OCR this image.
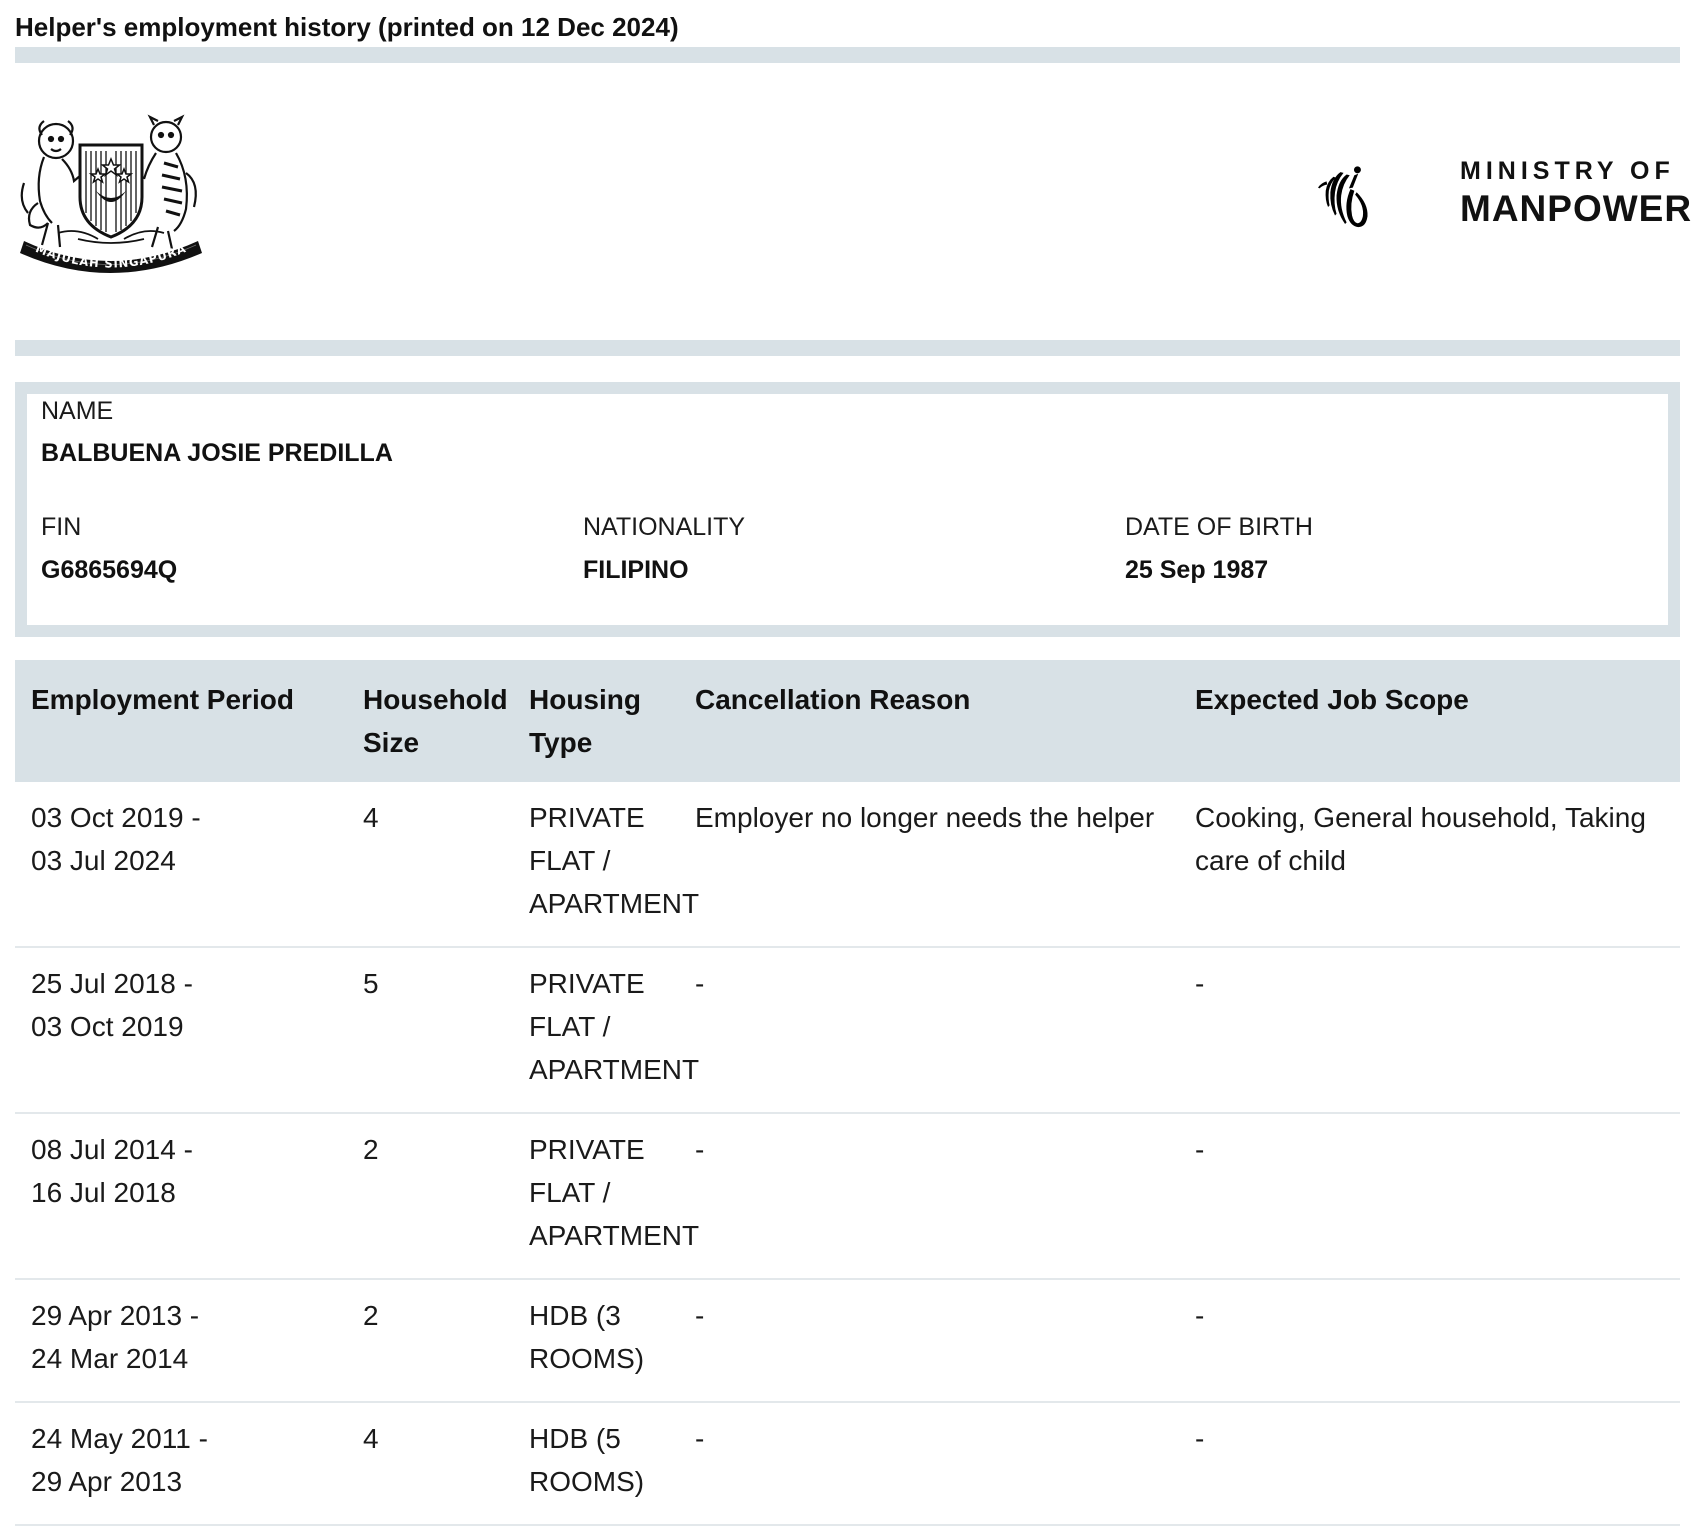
Helper's employment history (printed on 12 Dec 2024)
MAJULAH SINGAPURA
MINISTRY OF
MANPOWER
NAME
BALBUENA JOSIE PREDILLA
FIN
G6865694Q
NATIONALITY
FILIPINO
DATE OF BIRTH
25 Sep 1987
Employment Period	Household Size	Housing Type	Cancellation Reason	Expected Job Scope
03 Oct 2019 - 03 Jul 2024	4	PRIVATE FLAT / APARTMENT	Employer no longer needs the helper	Cooking, General household, Taking care of child
25 Jul 2018 - 03 Oct 2019	5	PRIVATE FLAT / APARTMENT	-	-
08 Jul 2014 - 16 Jul 2018	2	PRIVATE FLAT / APARTMENT	-	-
29 Apr 2013 - 24 Mar 2014	2	HDB (3 ROOMS)	-	-
24 May 2011 - 29 Apr 2013	4	HDB (5 ROOMS)	-	-
